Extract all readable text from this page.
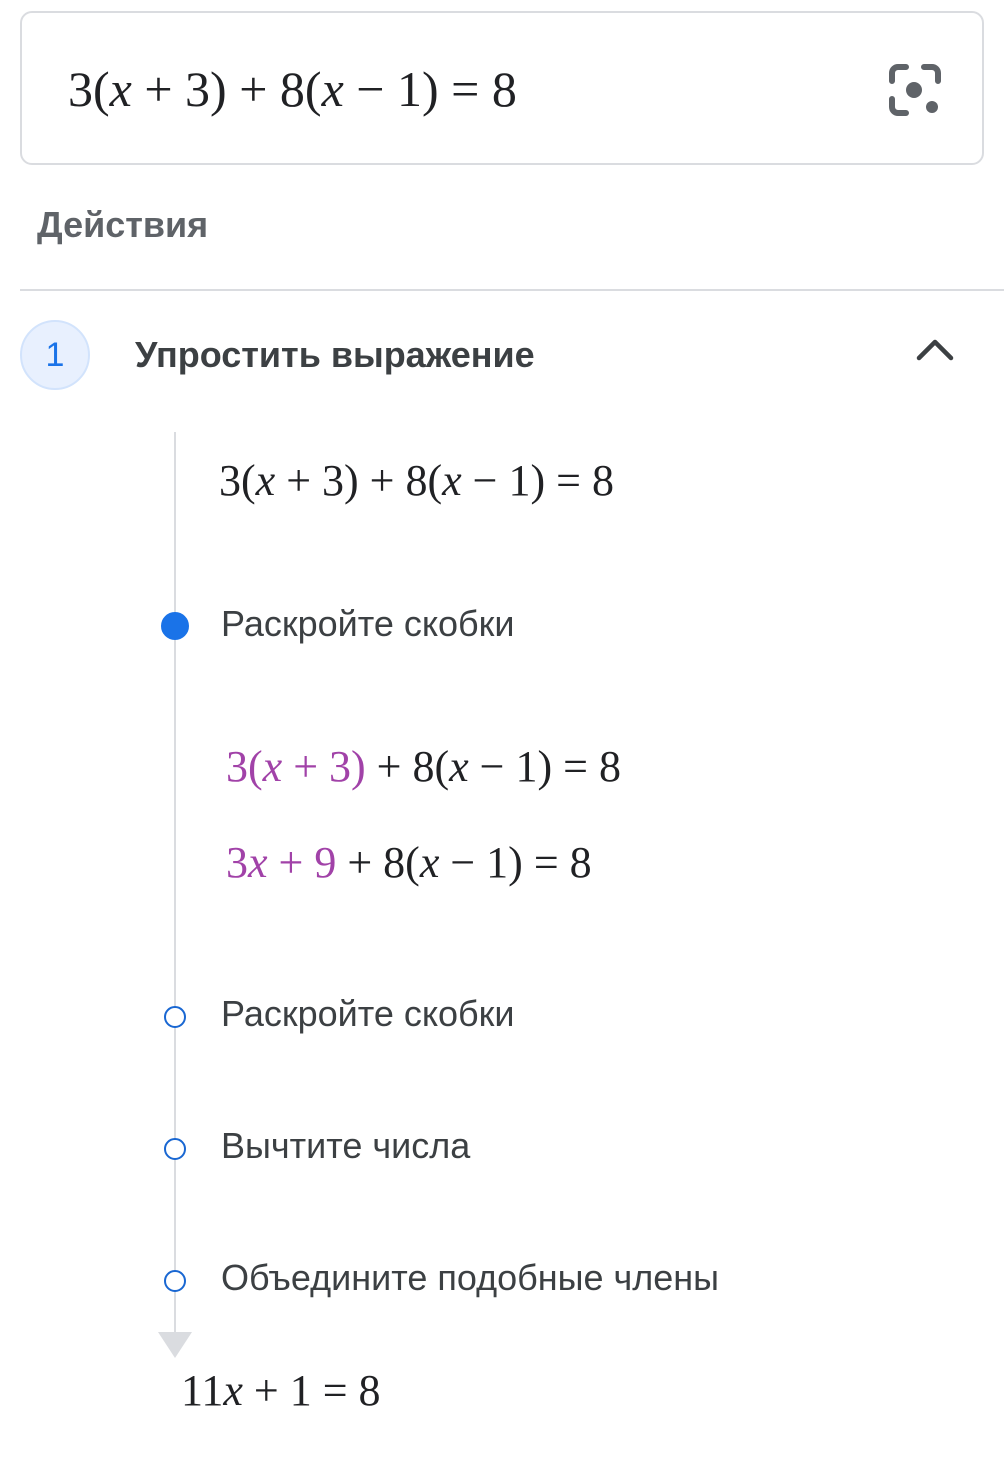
3(x + 3) + 8(x − 1) = 8
Действия
1	Упростить выражение
3(x + 3) + 8(x − 1) = 8
Раскройте скобки
3(x + 3) + 8(x − 1) = 8
3x + 9 + 8(x − 1) = 8
Раскройте скобки
Вычтите числа
Объедините подобные члены
11x + 1 = 8
